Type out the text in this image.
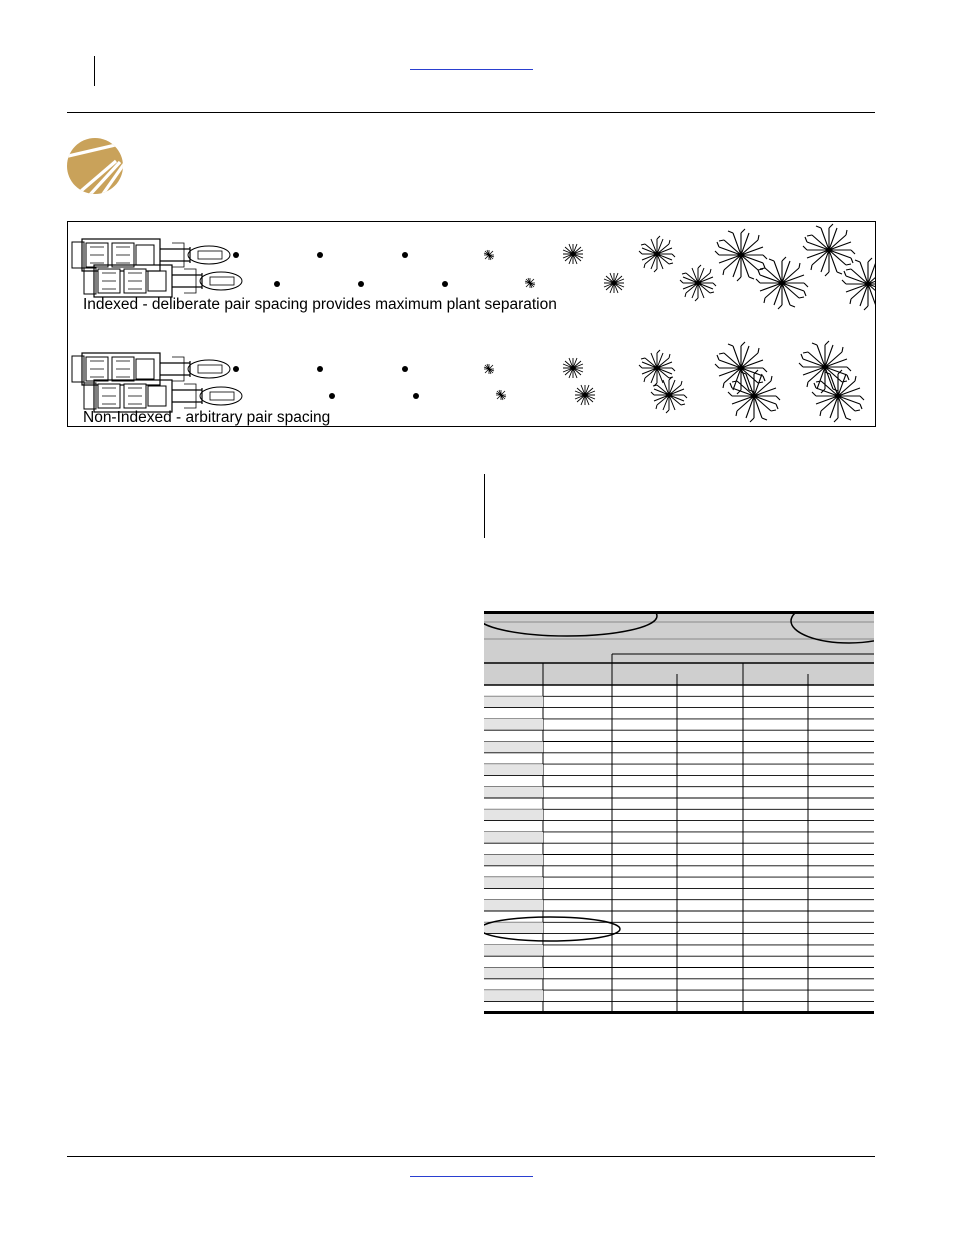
Indexed - deliberate pair spacing provides maximum plant separation
Non-Indexed - arbitrary pair spacing
